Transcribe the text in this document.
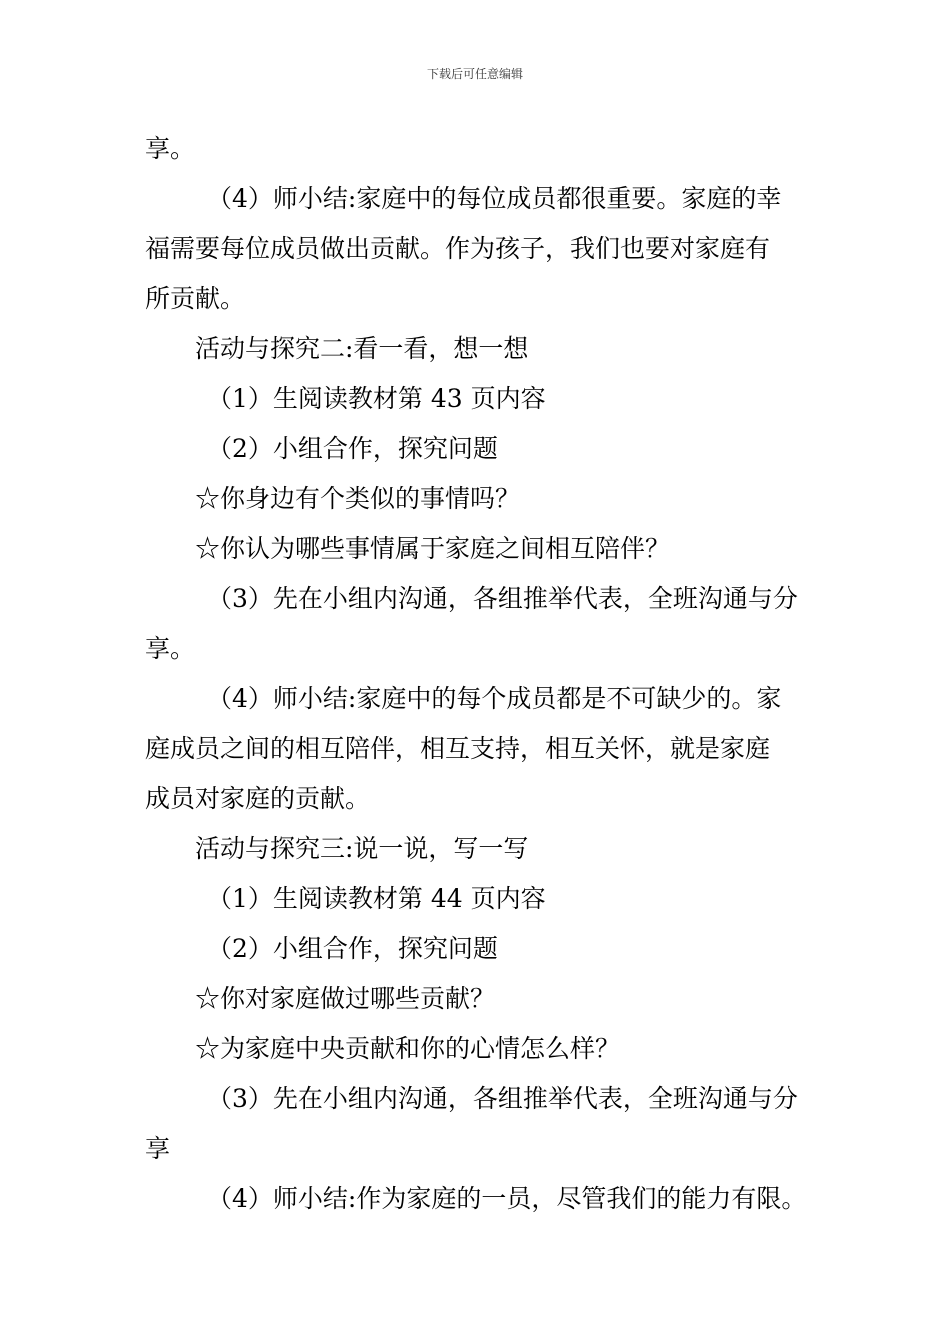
下载后可任意编辑
享。
（4）师小结:家庭中的每位成员都很重要。家庭的幸
福需要每位成员做出贡献。作为孩子，我们也要对家庭有
所贡献。
活动与探究二:看一看，想一想
（1）生阅读教材第 43 页内容
（2）小组合作，探究问题
☆你身边有个类似的事情吗？
☆你认为哪些事情属于家庭之间相互陪伴？
（3）先在小组内沟通，各组推举代表，全班沟通与分
享。
（4）师小结:家庭中的每个成员都是不可缺少的。家
庭成员之间的相互陪伴，相互支持，相互关怀，就是家庭
成员对家庭的贡献。
活动与探究三:说一说，写一写
（1）生阅读教材第 44 页内容
（2）小组合作，探究问题
☆你对家庭做过哪些贡献？
☆为家庭中央贡献和你的心情怎么样？
（3）先在小组内沟通，各组推举代表，全班沟通与分
享
（4）师小结:作为家庭的一员，尽管我们的能力有限。
